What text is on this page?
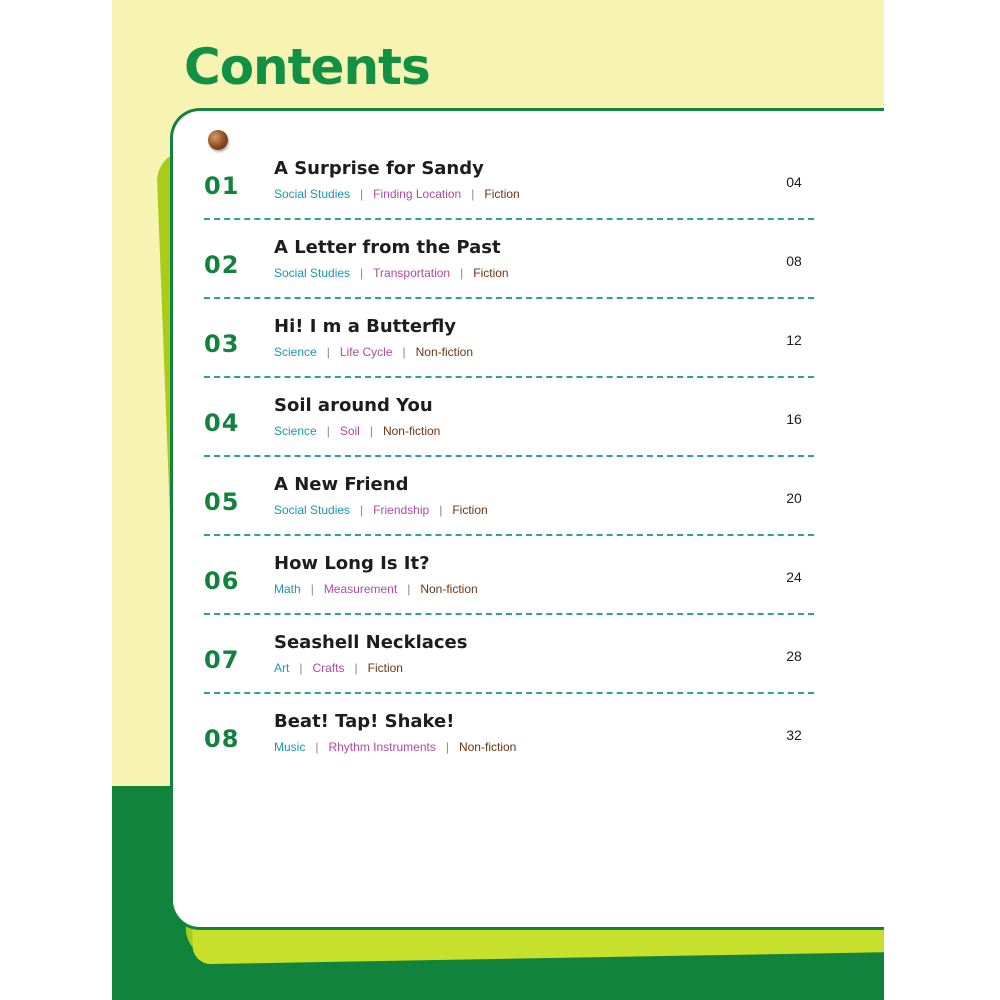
Contents
01
A Surprise for Sandy
Social Studies | Finding Location | Fiction
04
02
A Letter from the Past
Social Studies | Transportation | Fiction
08
03
Hi! I m a Butterfly
Science | Life Cycle | Non-fiction
12
04
Soil around You
Science | Soil | Non-fiction
16
05
A New Friend
Social Studies | Friendship | Fiction
20
06
How Long Is It?
Math | Measurement | Non-fiction
24
07
Seashell Necklaces
Art | Crafts | Fiction
28
08
Beat! Tap! Shake!
Music | Rhythm Instruments | Non-fiction
32
